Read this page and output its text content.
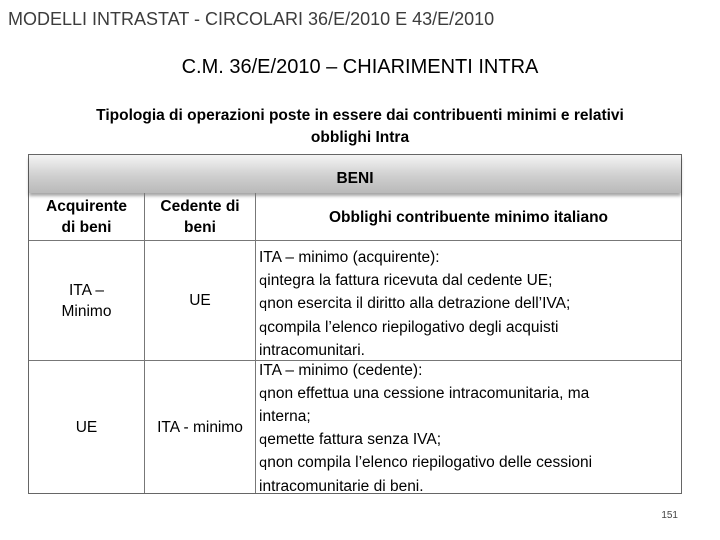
MODELLI INTRASTAT - CIRCOLARI 36/E/2010 E 43/E/2010
C.M. 36/E/2010 – CHIARIMENTI INTRA
Tipologia di operazioni poste in essere dai contribuenti minimi e relativi
obblighi Intra
BENI
Acquirente
di beni
Cedente di
beni
Obblighi contribuente minimo italiano
ITA –
Minimo
UE
ITA – minimo (acquirente):
qintegra la fattura ricevuta dal cedente UE;
qnon esercita il diritto alla detrazione dell’IVA;
qcompila l’elenco riepilogativo degli acquisti
intracomunitari.
UE	ITA - minimo
ITA – minimo (cedente):
qnon effettua una cessione intracomunitaria, ma
interna;
qemette fattura senza IVA;
qnon compila l’elenco riepilogativo delle cessioni
intracomunitarie di beni.
151
